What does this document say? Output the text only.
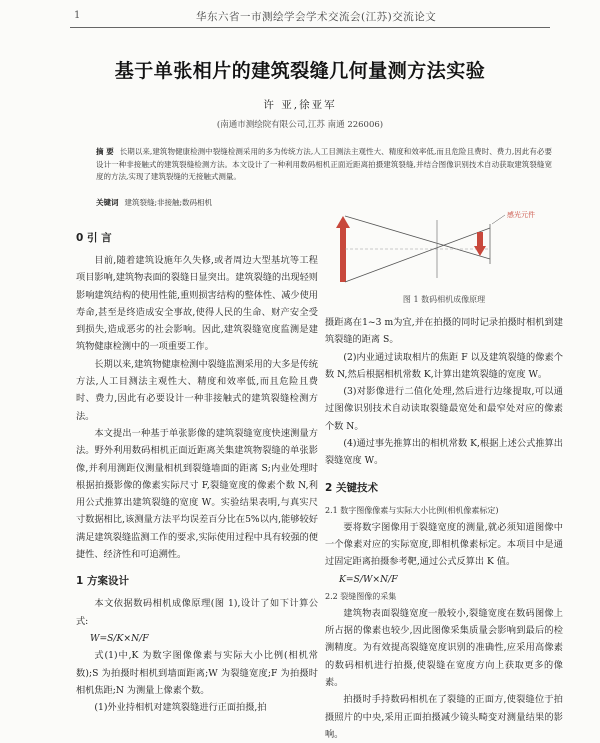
1	华东六省一市测绘学会学术交流会(江苏)交流论文
基于单张相片的建筑裂缝几何量测方法实验
许 亚,徐亚军
(南通市测绘院有限公司,江苏 南通 226006)
摘 要 长期以来,建筑物健康检测中裂缝检测采用的多为传统方法,人工目测法主观性大、精度和效率低,而且危险且费时、费力,因此有必要设计一种非接触式的建筑裂缝检测方法。本文设计了一种利用数码相机正面近距离拍摄建筑裂缝,并结合图像识别技术自动获取建筑裂缝宽度的方法,实现了建筑裂缝的无接触式测量。
关键词 建筑裂缝;非接触;数码相机
0 引 言

目前,随着建筑设施年久失修,或者周边大型基坑等工程项目影响,建筑物表面的裂缝日显突出。建筑裂缝的出现轻则影响建筑结构的使用性能,重则损害结构的整体性、减少使用寿命,甚至是终造成安全事故,使得人民的生命、财产安全受到损失,造成恶劣的社会影响。因此,建筑裂缝宽度监测是建筑物健康检测中的一项重要工作。

长期以来,建筑物健康检测中裂缝监测采用的大多是传统方法,人工目测法主观性大、精度和效率低,而且危险且费时、费力,因此有必要设计一种非接触式的建筑裂缝检测方法。

本文提出一种基于单张影像的建筑裂缝宽度快速测量方法。野外利用数码相机正面近距离关集建筑物裂缝的单张影像,并利用测距仪测量相机到裂缝墙面的距离 S;内业处理时根据拍摄影像的像素实际尺寸 F,裂缝宽度的像素个数 N,利用公式推算出建筑裂缝的宽度 W。实验结果表明,与真实尺寸数据相比,该测量方法平均误差百分比在5%以内,能够较好满足建筑裂缝监测工作的要求,实际使用过程中具有较强的便捷性、经济性和可追溯性。

1 方案设计

本文依据数码相机成像原理(图 1),设计了如下计算公式:

W=S/K×N/F

式(1)中,K 为数字图像像素与实际大小比例(相机常数);S 为拍摄时相机到墙面距离;W 为裂缝宽度;F 为拍摄时相机焦距;N 为测量上像素个数。

(1)外业持相机对建筑裂缝进行正面拍摄,拍

感光元件
图 1 数码相机成像原理

摄距离在1~3 m为宜,并在拍摄的同时记录拍摄时相机到建筑裂缝的距离 S。

(2)内业通过读取相片的焦距 F 以及建筑裂缝的像素个数 N,然后根据相机常数 K,计算出建筑裂缝的宽度 W。

(3)对影像进行二值化处理,然后进行边缘提取,可以通过图像识别技术自动读取裂缝最宽处和最窄处对应的像素个数 N。

(4)通过事先推算出的相机常数 K,根据上述公式推算出裂缝宽度 W。

2 关键技术
2.1 数字图像像素与实际大小比例(相机像素标定)

要将数字图像用于裂缝宽度的测量,就必须知道图像中一个像素对应的实际宽度,即相机像素标定。本项目中是通过固定距离拍摄参考靶,通过公式反算出 K 值。

K=S/W×N/F

2.2 裂缝图像的采集

建筑物表面裂缝宽度一般较小,裂缝宽度在数码图像上所占据的像素也较少,因此图像采集质量会影响到最后的检测精度。为有效提高裂缝宽度识别的准确性,应采用高像素的数码相机进行拍摄,使裂缝在宽度方向上获取更多的像素。

拍摄时手持数码相机在了裂缝的正面方,使裂缝位于拍摄照片的中央,采用正面拍摄减少镜头畸变对测量结果的影响。
